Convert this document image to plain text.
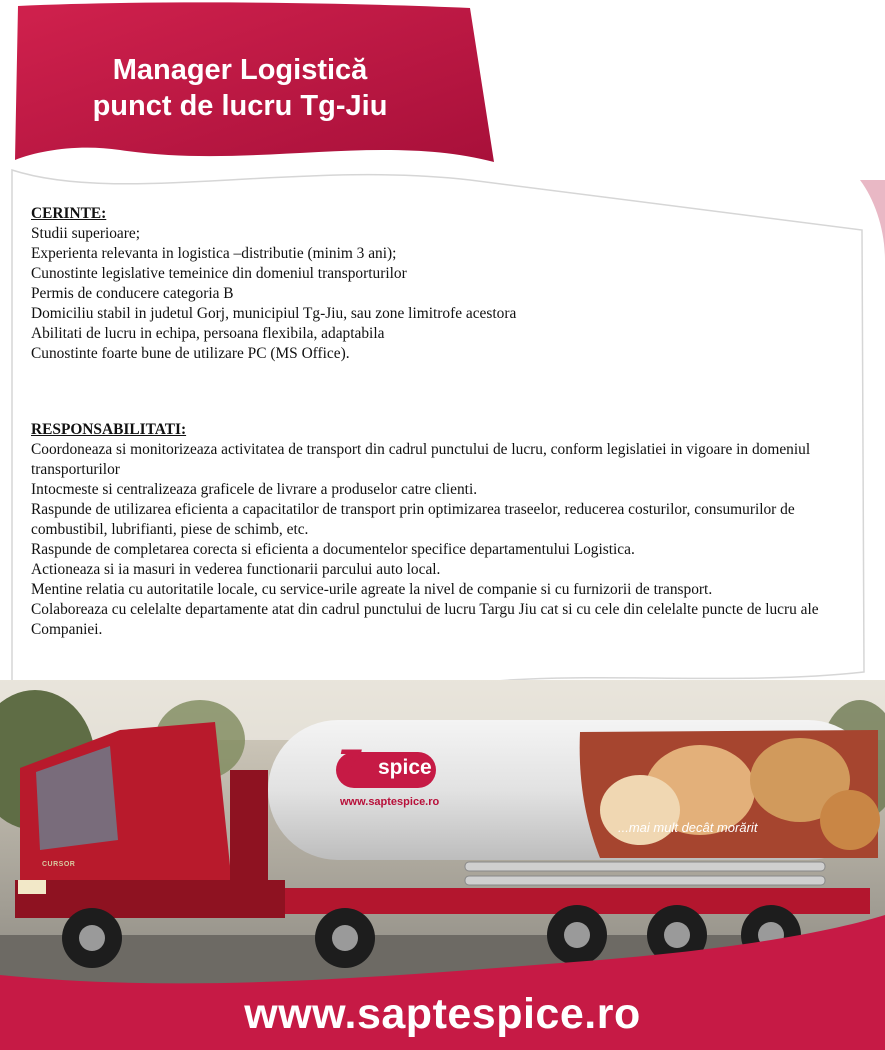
Manager Logistică
punct de lucru Tg-Jiu
CERINTE:
Studii superioare;
Experienta relevanta in logistica –distributie (minim 3 ani);
Cunostinte legislative temeinice din domeniul transporturilor
Permis de conducere categoria B
Domiciliu stabil in judetul Gorj, municipiul Tg-Jiu, sau zone limitrofe acestora
Abilitati de lucru in echipa, persoana flexibila, adaptabila
Cunostinte foarte bune de utilizare PC (MS Office).
RESPONSABILITATI:
Coordoneaza si monitorizeaza activitatea de transport din cadrul punctului de lucru, conform legislatiei in vigoare in domeniul transporturilor
Intocmeste si centralizeaza graficele de livrare a produselor catre clienti.
Raspunde de utilizarea eficienta a capacitatilor de transport prin optimizarea traseelor, reducerea costurilor, consumurilor de combustibil, lubrifianti, piese de schimb, etc.
Raspunde de completarea corecta si eficienta a documentelor specifice departamentului Logistica.
Actioneaza si ia masuri in vederea functionarii parcului auto local.
Mentine relatia cu autoritatile locale, cu service-urile agreate la nivel de companie si cu furnizorii de transport.
Colaboreaza cu celelalte departamente atat din cadrul punctului de lucru Targu Jiu cat si cu cele din celelalte puncte de lucru ale Companiei.
7 spice
www.saptespice.ro
...mai mult decât morărit
CURSOR
www.saptespice.ro
